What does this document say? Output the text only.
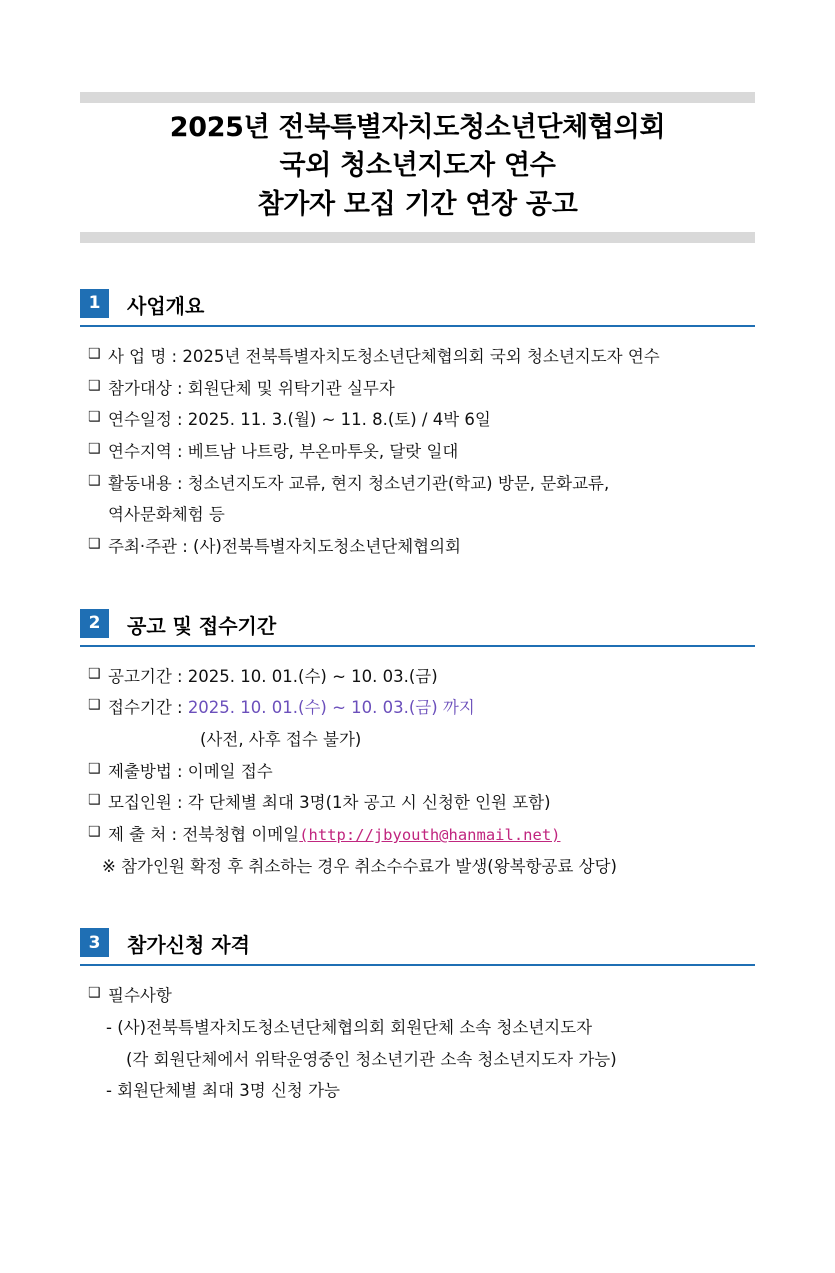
2025년 전북특별자치도청소년단체협의회
국외 청소년지도자 연수
참가자 모집 기간 연장 공고
1	사업개요
❑ 사 업 명 : 2025년 전북특별자치도청소년단체협의회 국외 청소년지도자 연수
❑ 참가대상 : 회원단체 및 위탁기관 실무자
❑ 연수일정 : 2025. 11. 3.(월) ~ 11. 8.(토) / 4박 6일
❑ 연수지역 : 베트남 나트랑, 부온마투옷, 달랏 일대
❑ 활동내용 : 청소년지도자 교류, 현지 청소년기관(학교) 방문, 문화교류,
역사문화체험 등
❑ 주최·주관 : (사)전북특별자치도청소년단체협의회
2	공고 및 접수기간
❑ 공고기간 : 2025. 10. 01.(수) ~ 10. 03.(금)
❑ 접수기간 : 2025. 10. 01.(수) ~ 10. 03.(금) 까지
(사전, 사후 접수 불가)
❑ 제출방법 : 이메일 접수
❑ 모집인원 : 각 단체별 최대 3명(1차 공고 시 신청한 인원 포함)
❑ 제 출 처 : 전북청협 이메일(http://jbyouth@hanmail.net)
※ 참가인원 확정 후 취소하는 경우 취소수수료가 발생(왕복항공료 상당)
3	참가신청 자격
❑ 필수사항
- (사)전북특별자치도청소년단체협의회 회원단체 소속 청소년지도자
(각 회원단체에서 위탁운영중인 청소년기관 소속 청소년지도자 가능)
- 회원단체별 최대 3명 신청 가능
